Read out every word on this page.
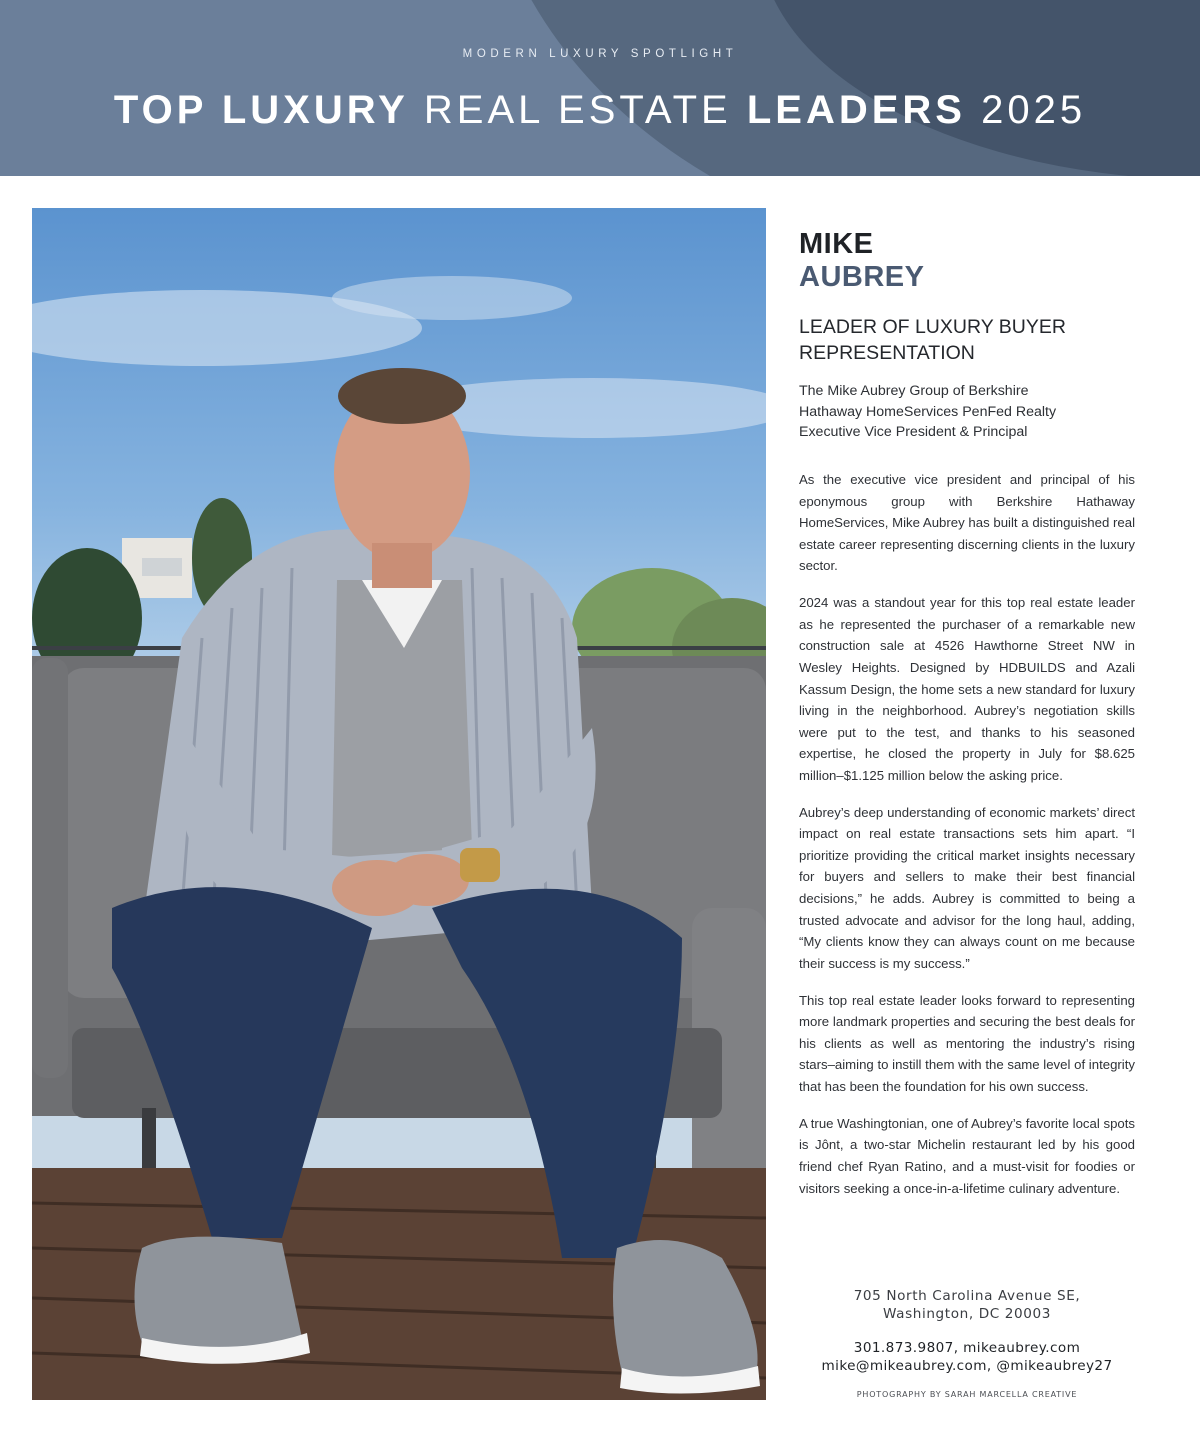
MODERN LUXURY SPOTLIGHT
TOP LUXURY REAL ESTATE LEADERS 2025
MIKE
AUBREY
LEADER OF LUXURY BUYER
REPRESENTATION
The Mike Aubrey Group of Berkshire
Hathaway HomeServices PenFed Realty
Executive Vice President & Principal

As the executive vice president and principal of his eponymous group with Berkshire Hathaway HomeServices, Mike Aubrey has built a distinguished real estate career representing discerning clients in the luxury sector.

2024 was a standout year for this top real estate leader as he represented the purchaser of a remarkable new construction sale at 4526 Hawthorne Street NW in Wesley Heights. Designed by HDBUILDS and Azali Kassum Design, the home sets a new standard for luxury living in the neighborhood. Aubrey’s negotiation skills were put to the test, and thanks to his seasoned expertise, he closed the property in July for $8.625 million–$1.125 million below the asking price.

Aubrey’s deep understanding of economic markets’ direct impact on real estate transactions sets him apart. “I prioritize providing the critical market insights necessary for buyers and sellers to make their best financial decisions,” he adds. Aubrey is committed to being a trusted advocate and advisor for the long haul, adding, “My clients know they can always count on me because their success is my success.”

This top real estate leader looks forward to representing more landmark properties and securing the best deals for his clients as well as mentoring the industry’s rising stars–aiming to instill them with the same level of integrity that has been the foundation for his own success.

A true Washingtonian, one of Aubrey’s favorite local spots is Jônt, a two-star Michelin restaurant led by his good friend chef Ryan Ratino, and a must-visit for foodies or visitors seeking a once-in-a-lifetime culinary adventure.

705 North Carolina Avenue SE,
Washington, DC 20003
301.873.9807, mikeaubrey.com
mike@mikeaubrey.com, @mikeaubrey27
PHOTOGRAPHY BY SARAH MARCELLA CREATIVE
